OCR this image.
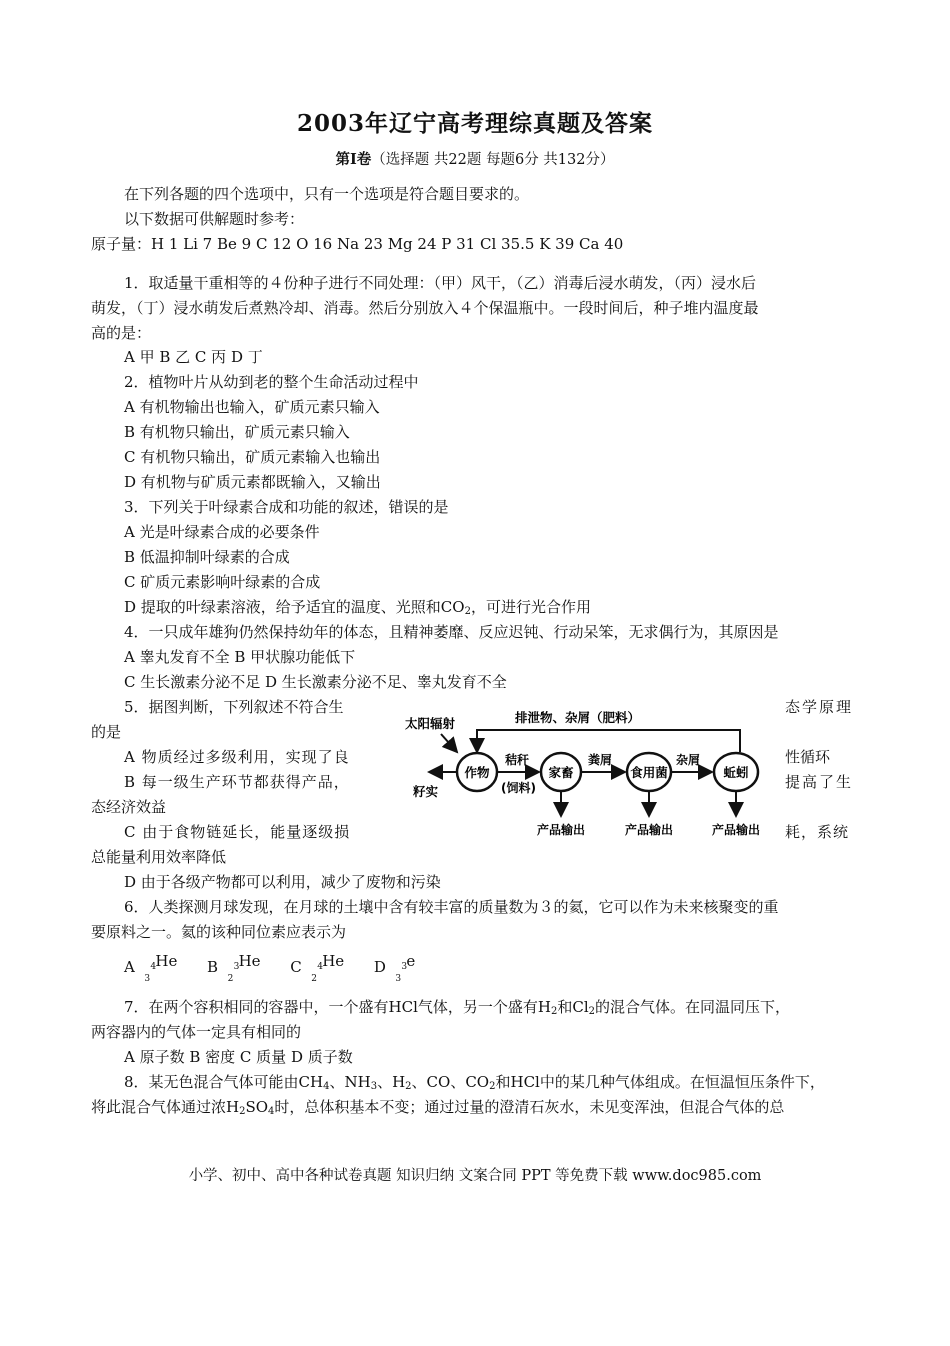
2003年辽宁高考理综真题及答案
第Ⅰ卷（选择题 共22题 每题6分 共132分）
在下列各题的四个选项中，只有一个选项是符合题目要求的。
以下数据可供解题时参考：
原子量：H 1 Li 7 Be 9 C 12 O 16 Na 23 Mg 24 P 31 Cl 35.5 K 39 Ca 40
1．取适量干重相等的４份种子进行不同处理：（甲）风干，（乙）消毒后浸水萌发，（丙）浸水后
萌发，（丁）浸水萌发后煮熟冷却、消毒。然后分别放入４个保温瓶中。一段时间后，种子堆内温度最
高的是：
A 甲 B 乙 C 丙 D 丁
2．植物叶片从幼到老的整个生命活动过程中
A 有机物输出也输入，矿质元素只输入
B 有机物只输出，矿质元素只输入
C 有机物只输出，矿质元素输入也输出
D 有机物与矿质元素都既输入，又输出
3．下列关于叶绿素合成和功能的叙述，错误的是
A 光是叶绿素合成的必要条件
B 低温抑制叶绿素的合成
C 矿质元素影响叶绿素的合成
D 提取的叶绿素溶液，给予适宜的温度、光照和$CO_2$，可进行光合作用
4．一只成年雄狗仍然保持幼年的体态，且精神萎靡、反应迟钝、行动呆笨，无求偶行为，其原因是
A 睾丸发育不全 B 甲状腺功能低下
C 生长激素分泌不足 D 生长激素分泌不足、睾丸发育不全
5．据图判断，下列叙述不符合生	态学原理
的是
A 物质经过多级利用，实现了良	性循环
B 每一级生产环节都获得产品，	提高了生
态经济效益
C 由于食物链延长，能量逐级损	耗，系统
总能量利用效率降低
D 由于各级产物都可以利用，减少了废物和污染
排泄物、杂屑（肥料）
太阳辐射
作物	家畜	食用菌	蚯蚓
籽实
秸秆
(饲料)
粪屑	杂屑
产品输出	产品输出	产品输出
6．人类探测月球发现，在月球的土壤中含有较丰富的质量数为３的氦，它可以作为未来核聚变的重
要原料之一。氦的该种同位素应表示为
A 4
3
He B 3
2
He C 4
2
He D 3
3
e
7．在两个容积相同的容器中，一个盛有HCl气体，另一个盛有$H_2$和$Cl_2$的混合气体。在同温同压下，
两容器内的气体一定具有相同的
A 原子数 B 密度 C 质量 D 质子数
8．某无色混合气体可能由$CH_4$、$NH_3$、$H_2$、CO、$CO_2$和HCl中的某几种气体组成。在恒温恒压条件下，
将此混合气体通过浓$H_2SO_4$时，总体积基本不变；通过过量的澄清石灰水，未见变浑浊，但混合气体的总
小学、初中、高中各种试卷真题 知识归纳 文案合同 PPT 等免费下载 www.doc985.com
